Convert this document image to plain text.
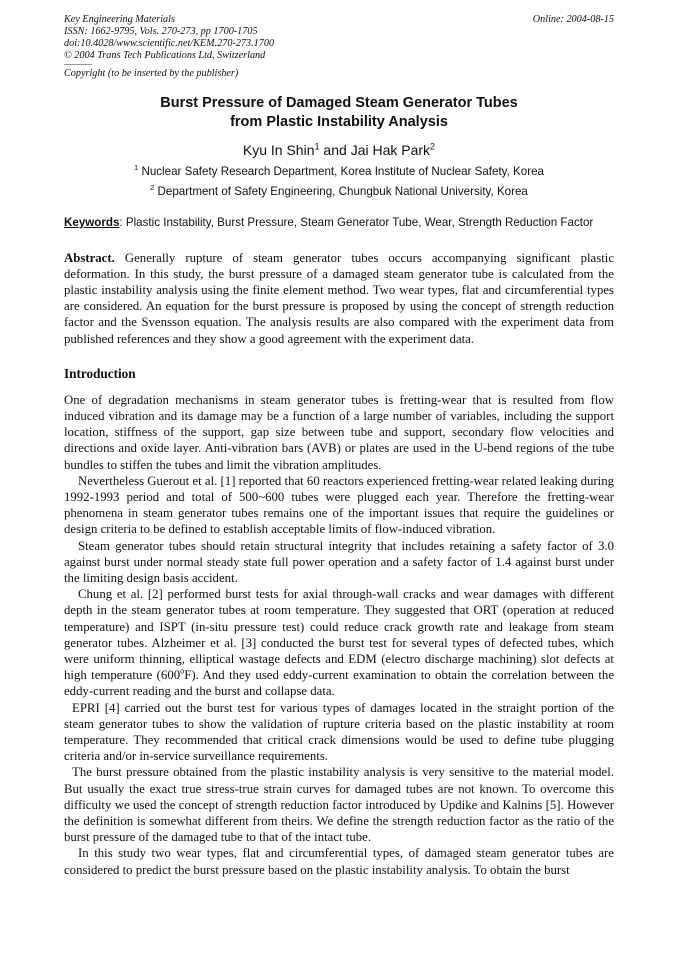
Key Engineering Materials	Online: 2004-08-15
ISSN: 1662-9795, Vols. 270-273, pp 1700-1705
doi:10.4028/www.scientific.net/KEM.270-273.1700
© 2004 Trans Tech Publications Ltd, Switzerland
Copyright (to be inserted by the publisher)
Burst Pressure of Damaged Steam Generator Tubes
from Plastic Instability Analysis
Kyu In Shin$^1$ and Jai Hak Park$^2$
$^1$ Nuclear Safety Research Department, Korea Institute of Nuclear Safety, Korea
$^2$ Department of Safety Engineering, Chungbuk National University, Korea
Keywords: Plastic Instability, Burst Pressure, Steam Generator Tube, Wear, Strength Reduction Factor
Abstract. Generally rupture of steam generator tubes occurs accompanying significant plastic deformation. In this study, the burst pressure of a damaged steam generator tube is calculated from the plastic instability analysis using the finite element method. Two wear types, flat and circumferential types are considered. An equation for the burst pressure is proposed by using the concept of strength reduction factor and the Svensson equation. The analysis results are also compared with the experiment data from published references and they show a good agreement with the experiment data.
Introduction

One of degradation mechanisms in steam generator tubes is fretting-wear that is resulted from flow induced vibration and its damage may be a function of a large number of variables, including the support location, stiffness of the support, gap size between tube and support, secondary flow velocities and directions and oxide layer. Anti-vibration bars (AVB) or plates are used in the U-bend regions of the tube bundles to stiffen the tubes and limit the vibration amplitudes.

Nevertheless Guerout et al. [1] reported that 60 reactors experienced fretting-wear related leaking during 1992-1993 period and total of 500~600 tubes were plugged each year. Therefore the fretting-wear phenomena in steam generator tubes remains one of the important issues that require the guidelines or design criteria to be defined to establish acceptable limits of flow-induced vibration.

Steam generator tubes should retain structural integrity that includes retaining a safety factor of 3.0 against burst under normal steady state full power operation and a safety factor of 1.4 against burst under the limiting design basis accident.

Chung et al. [2] performed burst tests for axial through-wall cracks and wear damages with different depth in the steam generator tubes at room temperature. They suggested that ORT (operation at reduced temperature) and ISPT (in-situ pressure test) could reduce crack growth rate and leakage from steam generator tubes. Alzheimer et al. [3] conducted the burst test for several types of defected tubes, which were uniform thinning, elliptical wastage defects and EDM (electro discharge machining) slot defects at high temperature (600$^o$F). And they used eddy-current examination to obtain the correlation between the eddy-current reading and the burst and collapse data.

EPRI [4] carried out the burst test for various types of damages located in the straight portion of the steam generator tubes to show the validation of rupture criteria based on the plastic instability at room temperature. They recommended that critical crack dimensions would be used to define tube plugging criteria and/or in-service surveillance requirements.

The burst pressure obtained from the plastic instability analysis is very sensitive to the material model. But usually the exact true stress-true strain curves for damaged tubes are not known. To overcome this difficulty we used the concept of strength reduction factor introduced by Updike and Kalnins [5]. However the definition is somewhat different from theirs. We define the strength reduction factor as the ratio of the burst pressure of the damaged tube to that of the intact tube.

In this study two wear types, flat and circumferential types, of damaged steam generator tubes are considered to predict the burst pressure based on the plastic instability analysis. To obtain the burst
